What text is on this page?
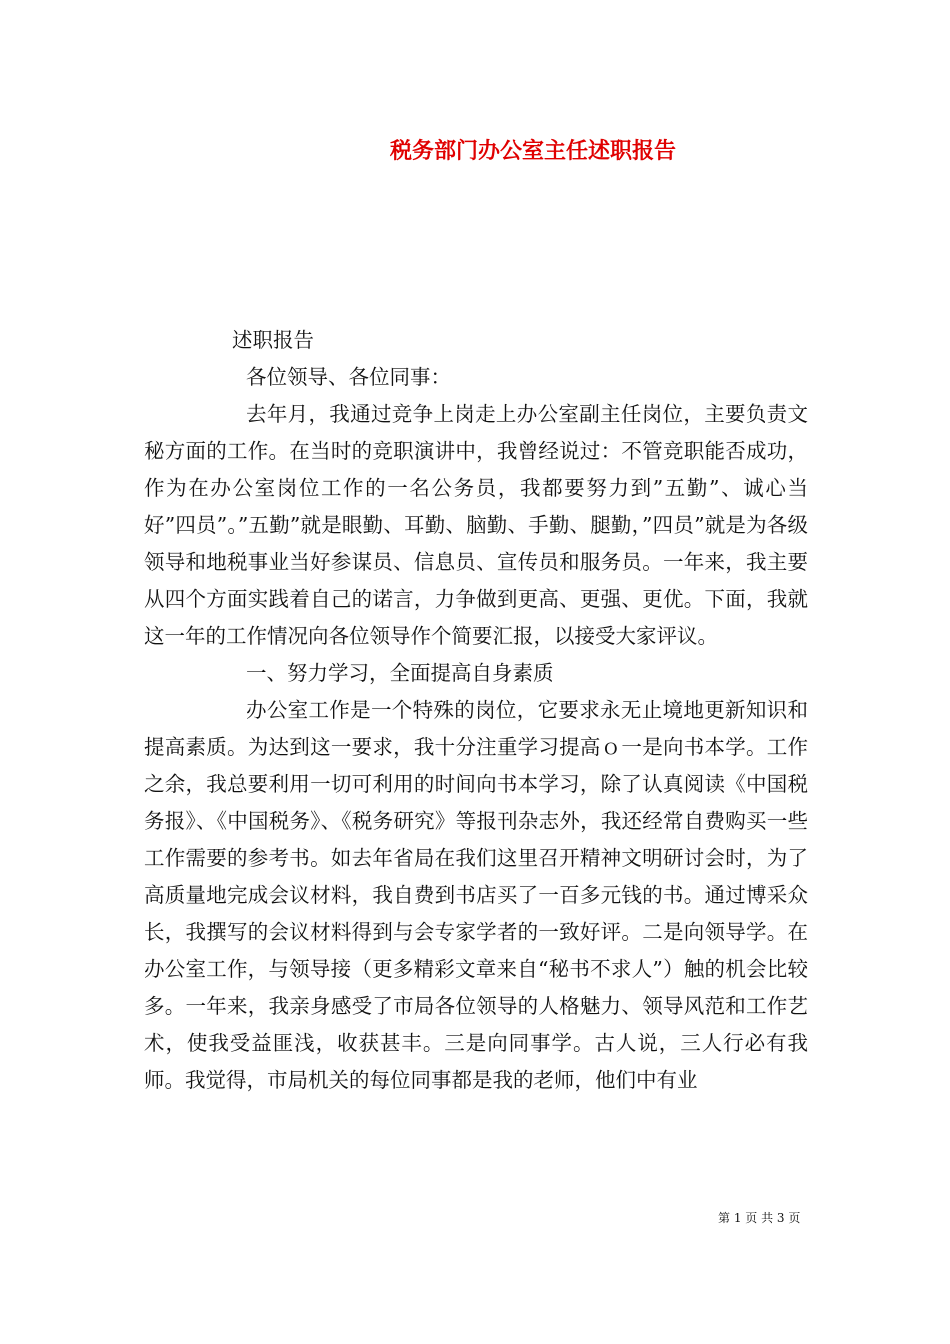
税务部门办公室主任述职报告

述职报告

各位领导、各位同事：

去年月，我通过竞争上岗走上办公室副主任岗位，主要负责文秘方面的工作。在当时的竞职演讲中，我曾经说过：不管竞职能否成功，作为在办公室岗位工作的一名公务员，我都要努力到”五勤”、诚心当好”四员”。”五勤”就是眼勤、耳勤、脑勤、手勤、腿勤，”四员”就是为各级领导和地税事业当好参谋员、信息员、宣传员和服务员。一年来，我主要从四个方面实践着自己的诺言，力争做到更高、更强、更优。下面，我就这一年的工作情况向各位领导作个简要汇报，以接受大家评议。

一、努力学习，全面提高自身素质

办公室工作是一个特殊的岗位，它要求永无止境地更新知识和提高素质。为达到这一要求，我十分注重学习提高ｏ一是向书本学。工作之余，我总要利用一切可利用的时间向书本学习，除了认真阅读《中国税务报》、《中国税务》、《税务研究》等报刊杂志外，我还经常自费购买一些工作需要的参考书。如去年省局在我们这里召开精神文明研讨会时，为了高质量地完成会议材料，我自费到书店买了一百多元钱的书。通过博采众长，我撰写的会议材料得到与会专家学者的一致好评。二是向领导学。在办公室工作，与领导接（更多精彩文章来自“秘书不求人”）触的机会比较多。一年来，我亲身感受了市局各位领导的人格魅力、领导风范和工作艺术，使我受益匪浅，收获甚丰。三是向同事学。古人说，三人行必有我师。我觉得，市局机关的每位同事都是我的老师，他们中有业

第 1 页 共 3 页
